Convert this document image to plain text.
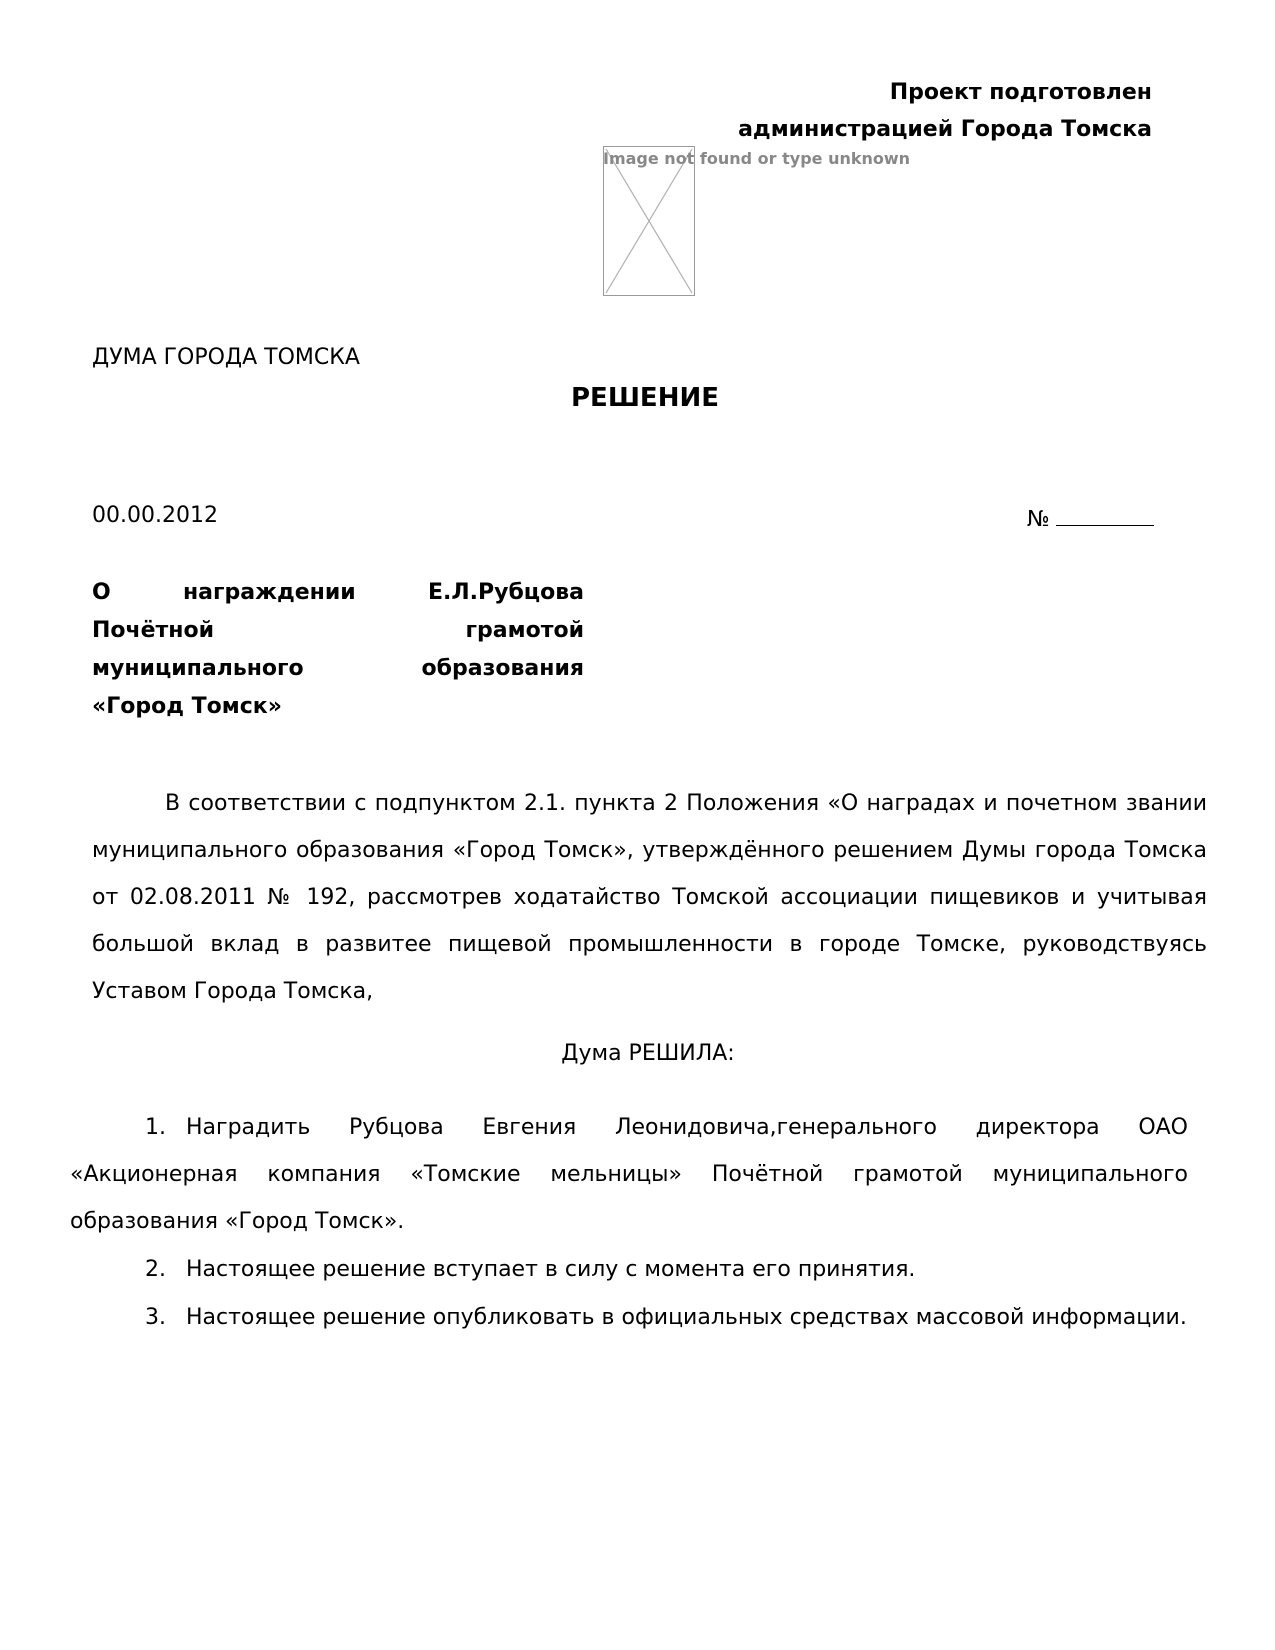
Проект подготовлен
администрацией Города Томска
Image not found or type unknown
ДУМА ГОРОДА ТОМСКА
РЕШЕНИЕ
00.00.2012	№
О награждении Е.Л.Рубцова
Почётной грамотой
муниципального образования
«Город Томск»
В соответствии с подпунктом 2.1. пункта 2 Положения «О наградах и почетном звании муниципального образования «Город Томск», утверждённого решением Думы города Томска от 02.08.2011 № 192, рассмотрев ходатайство Томской ассоциации пищевиков и учитывая большой вклад в развитее пищевой промышленности в городе Томске, руководствуясь Уставом Города Томска,
Дума РЕШИЛА:
1. Наградить Рубцова Евгения Леонидовича,генерального директора ОАО «Акционерная компания «Томские мельницы» Почётной грамотой муниципального образования «Город Томск».
2. Настоящее решение вступает в силу с момента его принятия.
3. Настоящее решение опубликовать в официальных средствах массовой информации.
